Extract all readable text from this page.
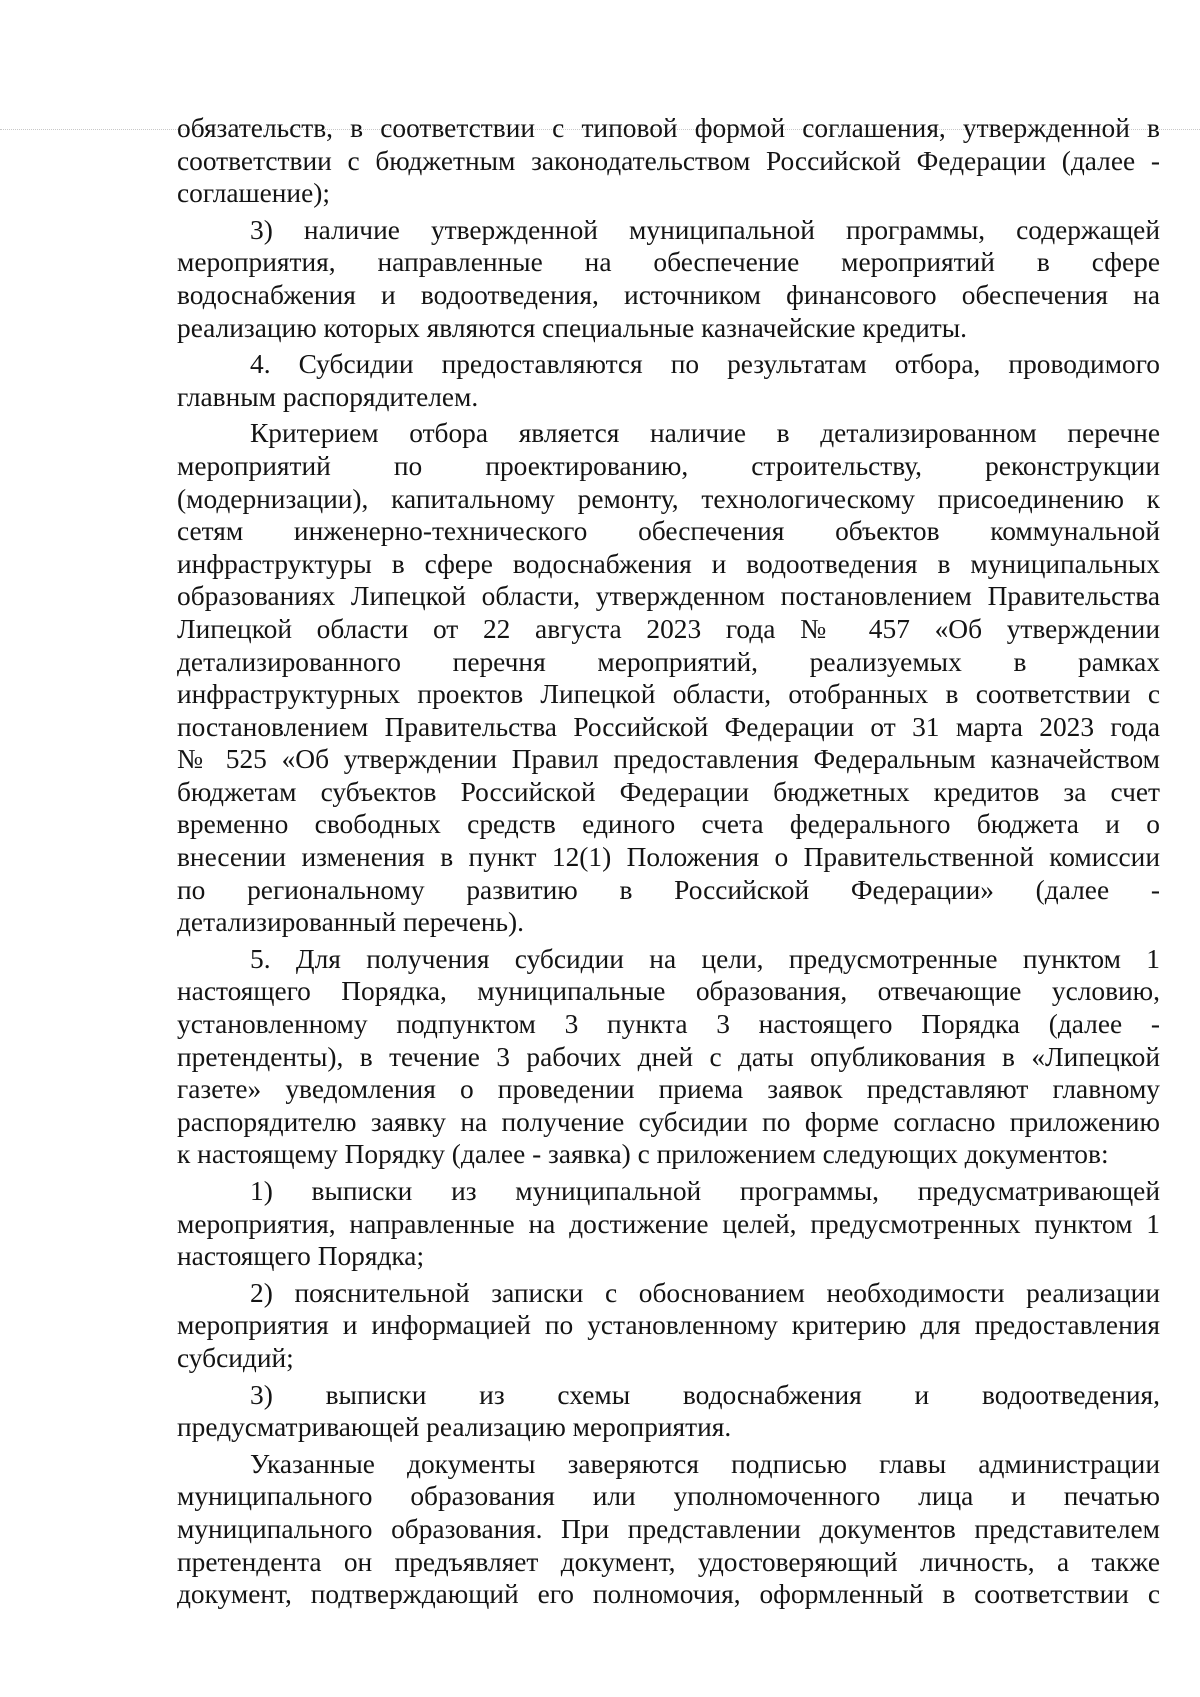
обязательств, в соответствии с типовой формой соглашения, утвержденной в
соответствии с бюджетным законодательством Российской Федерации (далее -
соглашение);
3) наличие утвержденной муниципальной программы, содержащей
мероприятия, направленные на обеспечение мероприятий в сфере
водоснабжения и водоотведения, источником финансового обеспечения на
реализацию которых являются специальные казначейские кредиты.
4. Субсидии предоставляются по результатам отбора, проводимого
главным распорядителем.
Критерием отбора является наличие в детализированном перечне
мероприятий по проектированию, строительству, реконструкции
(модернизации), капитальному ремонту, технологическому присоединению к
сетям инженерно-технического обеспечения объектов коммунальной
инфраструктуры в сфере водоснабжения и водоотведения в муниципальных
образованиях Липецкой области, утвержденном постановлением Правительства
Липецкой области от 22 августа 2023 года № 457 «Об утверждении
детализированного перечня мероприятий, реализуемых в рамках
инфраструктурных проектов Липецкой области, отобранных в соответствии с
постановлением Правительства Российской Федерации от 31 марта 2023 года
№ 525 «Об утверждении Правил предоставления Федеральным казначейством
бюджетам субъектов Российской Федерации бюджетных кредитов за счет
временно свободных средств единого счета федерального бюджета и о
внесении изменения в пункт 12(1) Положения о Правительственной комиссии
по региональному развитию в Российской Федерации» (далее -
детализированный перечень).
5. Для получения субсидии на цели, предусмотренные пунктом 1
настоящего Порядка, муниципальные образования, отвечающие условию,
установленному подпунктом 3 пункта 3 настоящего Порядка (далее -
претенденты), в течение 3 рабочих дней с даты опубликования в «Липецкой
газете» уведомления о проведении приема заявок представляют главному
распорядителю заявку на получение субсидии по форме согласно приложению
к настоящему Порядку (далее - заявка) с приложением следующих документов:
1) выписки из муниципальной программы, предусматривающей
мероприятия, направленные на достижение целей, предусмотренных пунктом 1
настоящего Порядка;
2) пояснительной записки с обоснованием необходимости реализации
мероприятия и информацией по установленному критерию для предоставления
субсидий;
3) выписки из схемы водоснабжения и водоотведения,
предусматривающей реализацию мероприятия.
Указанные документы заверяются подписью главы администрации
муниципального образования или уполномоченного лица и печатью
муниципального образования. При представлении документов представителем
претендента он предъявляет документ, удостоверяющий личность, а также
документ, подтверждающий его полномочия, оформленный в соответствии с
